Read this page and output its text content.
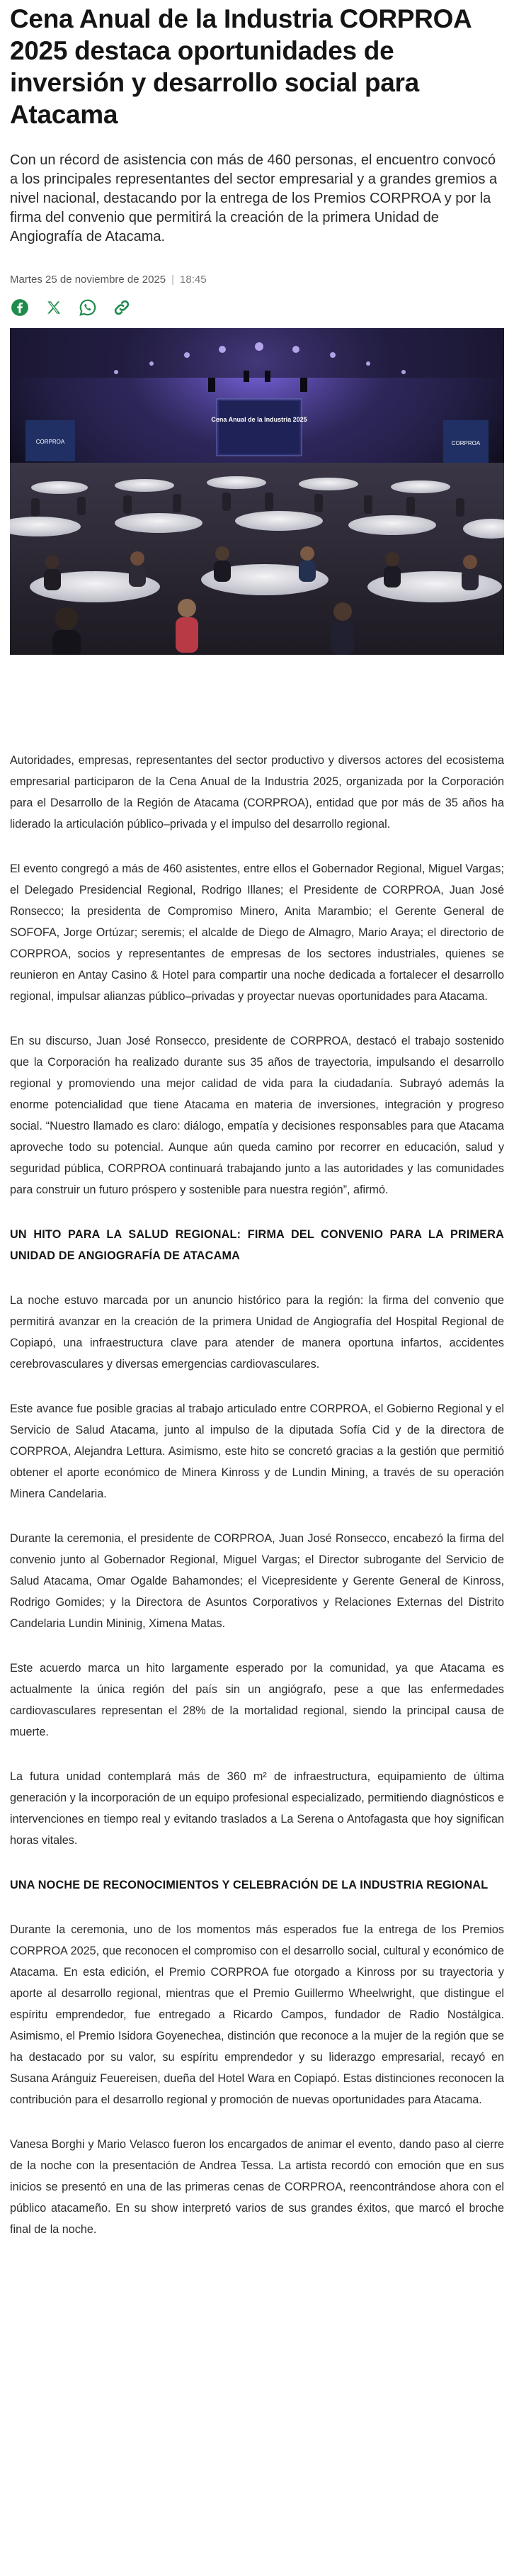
Cena Anual de la Industria CORPROA 2025 destaca oportunidades de inversión y desarrollo social para Atacama

Con un récord de asistencia con más de 460 personas, el encuentro convocó a los principales representantes del sector empresarial y a grandes gremios a nivel nacional, destacando por la entrega de los Premios CORPROA y por la firma del convenio que permitirá la creación de la primera Unidad de Angiografía de Atacama.

Martes 25 de noviembre de 2025 | 18:45
Cena Anual de la Industria 2025
CORPROA	CORPROA

Autoridades, empresas, representantes del sector productivo y diversos actores del ecosistema empresarial participaron de la Cena Anual de la Industria 2025, organizada por la Corporación para el Desarrollo de la Región de Atacama (CORPROA), entidad que por más de 35 años ha liderado la articulación público–privada y el impulso del desarrollo regional.

El evento congregó a más de 460 asistentes, entre ellos el Gobernador Regional, Miguel Vargas; el Delegado Presidencial Regional, Rodrigo Illanes; el Presidente de CORPROA, Juan José Ronsecco; la presidenta de Compromiso Minero, Anita Marambio; el Gerente General de SOFOFA, Jorge Ortúzar; seremis; el alcalde de Diego de Almagro, Mario Araya; el directorio de CORPROA, socios y representantes de empresas de los sectores industriales, quienes se reunieron en Antay Casino & Hotel para compartir una noche dedicada a fortalecer el desarrollo regional, impulsar alianzas público–privadas y proyectar nuevas oportunidades para Atacama.

En su discurso, Juan José Ronsecco, presidente de CORPROA, destacó el trabajo sostenido que la Corporación ha realizado durante sus 35 años de trayectoria, impulsando el desarrollo regional y promoviendo una mejor calidad de vida para la ciudadanía. Subrayó además la enorme potencialidad que tiene Atacama en materia de inversiones, integración y progreso social. “Nuestro llamado es claro: diálogo, empatía y decisiones responsables para que Atacama aproveche todo su potencial. Aunque aún queda camino por recorrer en educación, salud y seguridad pública, CORPROA continuará trabajando junto a las autoridades y las comunidades para construir un futuro próspero y sostenible para nuestra región”, afirmó.

UN HITO PARA LA SALUD REGIONAL: FIRMA DEL CONVENIO PARA LA PRIMERA UNIDAD DE ANGIOGRAFÍA DE ATACAMA

La noche estuvo marcada por un anuncio histórico para la región: la firma del convenio que permitirá avanzar en la creación de la primera Unidad de Angiografía del Hospital Regional de Copiapó, una infraestructura clave para atender de manera oportuna infartos, accidentes cerebrovasculares y diversas emergencias cardiovasculares.

Este avance fue posible gracias al trabajo articulado entre CORPROA, el Gobierno Regional y el Servicio de Salud Atacama, junto al impulso de la diputada Sofía Cid y de la directora de CORPROA, Alejandra Lettura. Asimismo, este hito se concretó gracias a la gestión que permitió obtener el aporte económico de Minera Kinross y de Lundin Mining, a través de su operación Minera Candelaria.

Durante la ceremonia, el presidente de CORPROA, Juan José Ronsecco, encabezó la firma del convenio junto al Gobernador Regional, Miguel Vargas; el Director subrogante del Servicio de Salud Atacama, Omar Ogalde Bahamondes; el Vicepresidente y Gerente General de Kinross, Rodrigo Gomides; y la Directora de Asuntos Corporativos y Relaciones Externas del Distrito Candelaria Lundin Mininig, Ximena Matas.

Este acuerdo marca un hito largamente esperado por la comunidad, ya que Atacama es actualmente la única región del país sin un angiógrafo, pese a que las enfermedades cardiovasculares representan el 28% de la mortalidad regional, siendo la principal causa de muerte.

La futura unidad contemplará más de 360 m² de infraestructura, equipamiento de última generación y la incorporación de un equipo profesional especializado, permitiendo diagnósticos e intervenciones en tiempo real y evitando traslados a La Serena o Antofagasta que hoy significan horas vitales.

UNA NOCHE DE RECONOCIMIENTOS Y CELEBRACIÓN DE LA INDUSTRIA REGIONAL

Durante la ceremonia, uno de los momentos más esperados fue la entrega de los Premios CORPROA 2025, que reconocen el compromiso con el desarrollo social, cultural y económico de Atacama. En esta edición, el Premio CORPROA fue otorgado a Kinross por su trayectoria y aporte al desarrollo regional, mientras que el Premio Guillermo Wheelwright, que distingue el espíritu emprendedor, fue entregado a Ricardo Campos, fundador de Radio Nostálgica. Asimismo, el Premio Isidora Goyenechea, distinción que reconoce a la mujer de la región que se ha destacado por su valor, su espíritu emprendedor y su liderazgo empresarial, recayó en Susana Aránguiz Feuereisen, dueña del Hotel Wara en Copiapó. Estas distinciones reconocen la contribución para el desarrollo regional y promoción de nuevas oportunidades para Atacama.

Vanesa Borghi y Mario Velasco fueron los encargados de animar el evento, dando paso al cierre de la noche con la presentación de Andrea Tessa. La artista recordó con emoción que en sus inicios se presentó en una de las primeras cenas de CORPROA, reencontrándose ahora con el público atacameño. En su show interpretó varios de sus grandes éxitos, que marcó el broche final de la noche.
